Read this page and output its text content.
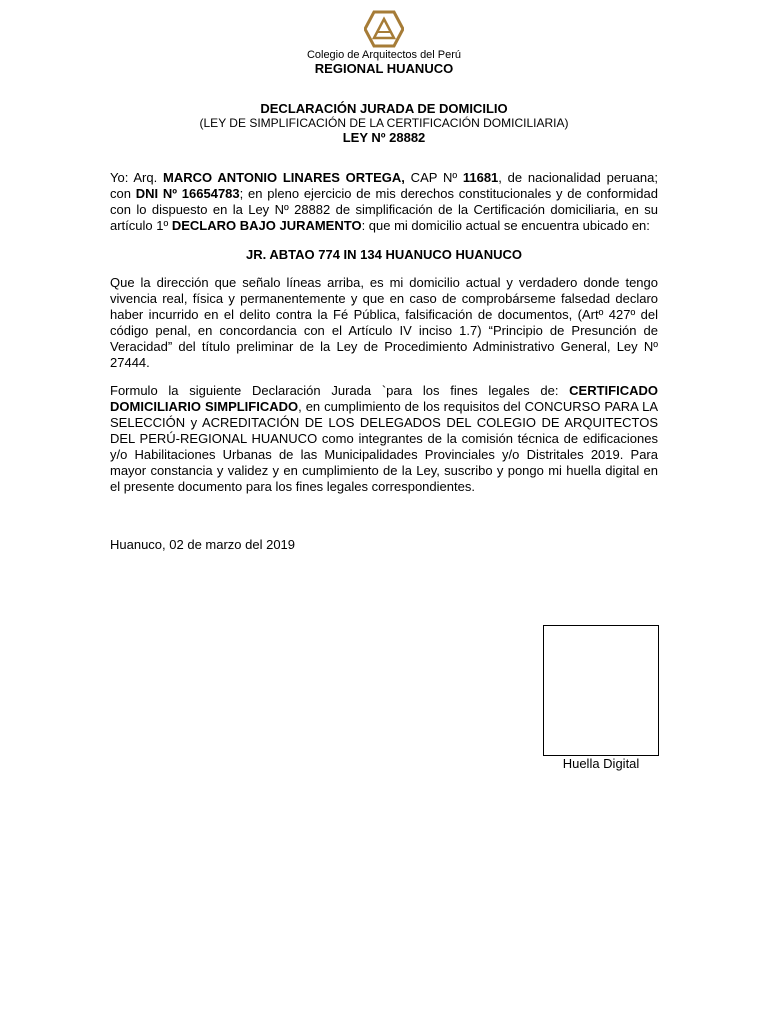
Colegio de Arquitectos del Perú
REGIONAL HUANUCO
DECLARACIÓN JURADA DE DOMICILIO
(LEY DE SIMPLIFICACIÓN DE LA CERTIFICACIÓN DOMICILIARIA)
LEY Nº 28882
Yo: Arq. MARCO ANTONIO LINARES ORTEGA, CAP Nº 11681, de nacionalidad peruana; con DNI Nº 16654783; en pleno ejercicio de mis derechos constitucionales y de conformidad con lo dispuesto en la Ley Nº 28882 de simplificación de la Certificación domiciliaria, en su artículo 1º DECLARO BAJO JURAMENTO: que mi domicilio actual se encuentra ubicado en:
JR. ABTAO 774 IN 134 HUANUCO HUANUCO
Que la dirección que señalo líneas arriba, es mi domicilio actual y verdadero donde tengo vivencia real, física y permanentemente y que en caso de comprobárseme falsedad declaro haber incurrido en el delito contra la Fé Pública, falsificación de documentos, (Artº 427º del código penal, en concordancia con el Artículo IV inciso 1.7) “Principio de Presunción de Veracidad” del título preliminar de la Ley de Procedimiento Administrativo General, Ley Nº 27444.
Formulo la siguiente Declaración Jurada `para los fines legales de: CERTIFICADO DOMICILIARIO SIMPLIFICADO, en cumplimiento de los requisitos del CONCURSO PARA LA SELECCIÓN y ACREDITACIÓN DE LOS DELEGADOS DEL COLEGIO DE ARQUITECTOS DEL PERÚ-REGIONAL HUANUCO como integrantes de la comisión técnica de edificaciones y/o Habilitaciones Urbanas de las Municipalidades Provinciales y/o Distritales 2019. Para mayor constancia y validez y en cumplimiento de la Ley, suscribo y pongo mi huella digital en el presente documento para los fines legales correspondientes.
Huanuco, 02 de marzo del 2019
Huella Digital
